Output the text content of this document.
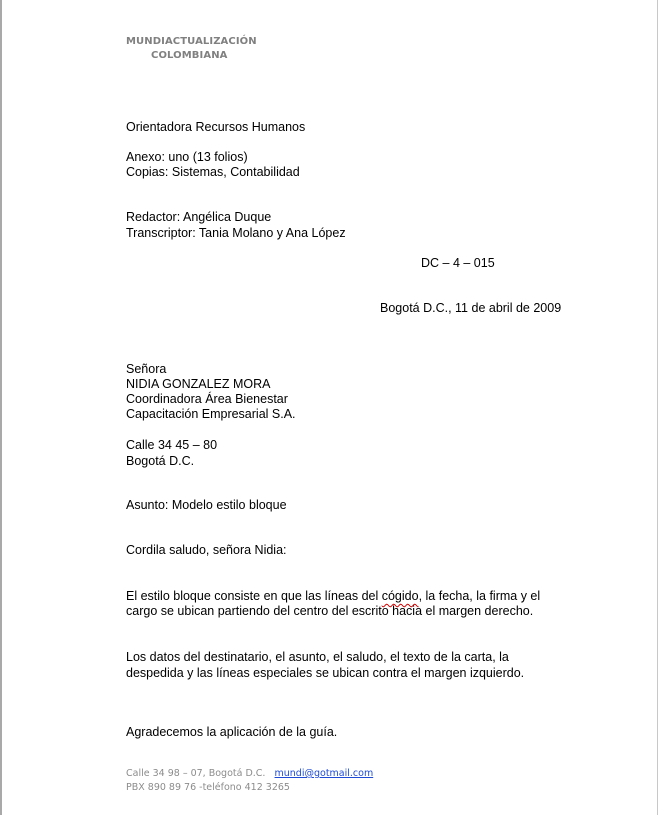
MUNDIACTUALIZACIÓN
COLOMBIANA
Orientadora Recursos Humanos
Anexo: uno (13 folios)
Copias: Sistemas, Contabilidad
Redactor: Angélica Duque
Transcriptor: Tania Molano y Ana López
DC – 4 – 015
Bogotá D.C., 11 de abril de 2009
Señora
NIDIA GONZALEZ MORA
Coordinadora Área Bienestar
Capacitación Empresarial S.A.
Calle 34 45 – 80
Bogotá D.C.
Asunto: Modelo estilo bloque
Cordila saludo, señora Nidia:
El estilo bloque consiste en que las líneas del cógido, la fecha, la firma y el
cargo se ubican partiendo del centro del escrito hacia el margen derecho.
Los datos del destinatario, el asunto, el saludo, el texto de la carta, la
despedida y las líneas especiales se ubican contra el margen izquierdo.
Agradecemos la aplicación de la guía.
Calle 34 98 – 07, Bogotá D.C. mundi@gotmail.com
PBX 890 89 76 -teléfono 412 3265
